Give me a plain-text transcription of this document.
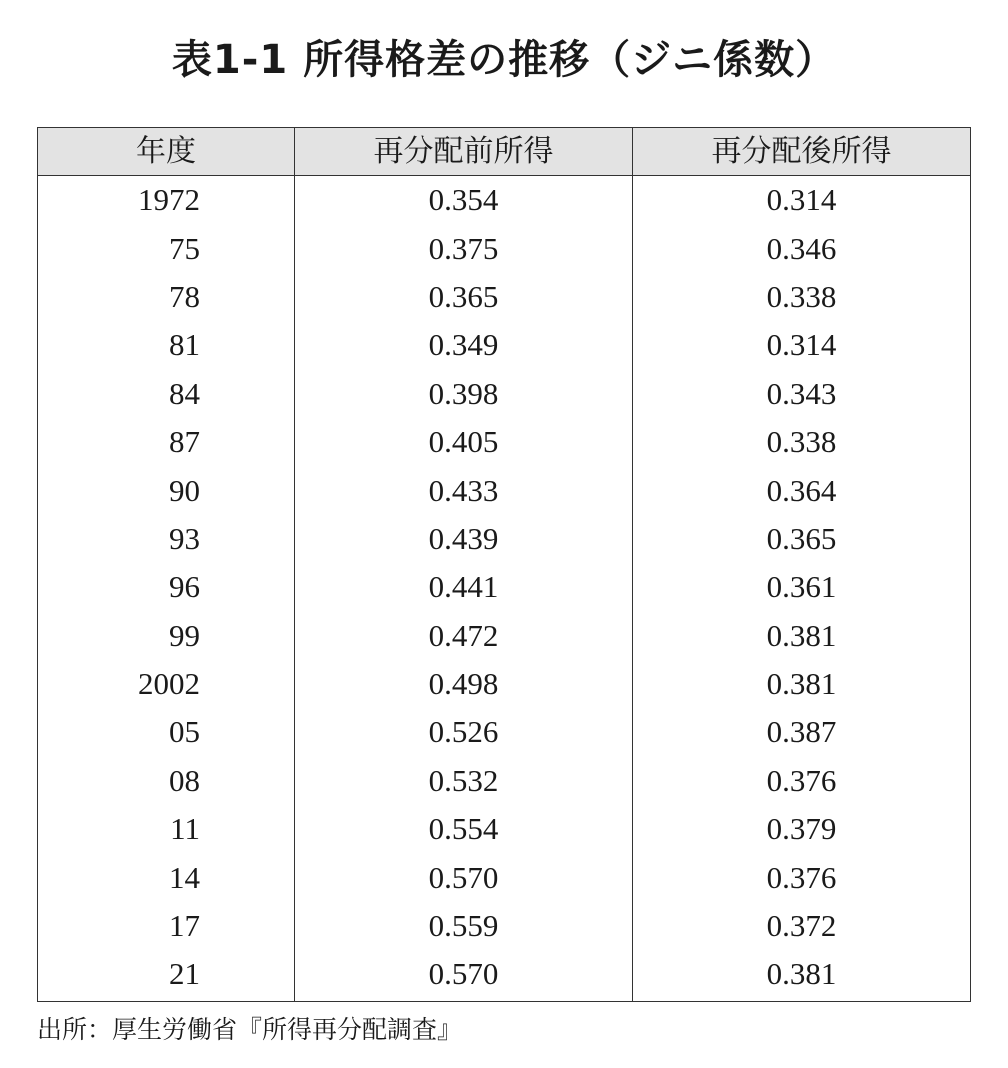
表1-1 所得格差の推移（ジニ係数）
年度	再分配前所得	再分配後所得
1972	0.354	0.314
75	0.375	0.346
78	0.365	0.338
81	0.349	0.314
84	0.398	0.343
87	0.405	0.338
90	0.433	0.364
93	0.439	0.365
96	0.441	0.361
99	0.472	0.381
2002	0.498	0.381
05	0.526	0.387
08	0.532	0.376
11	0.554	0.379
14	0.570	0.376
17	0.559	0.372
21	0.570	0.381
出所：厚生労働省『所得再分配調査』
